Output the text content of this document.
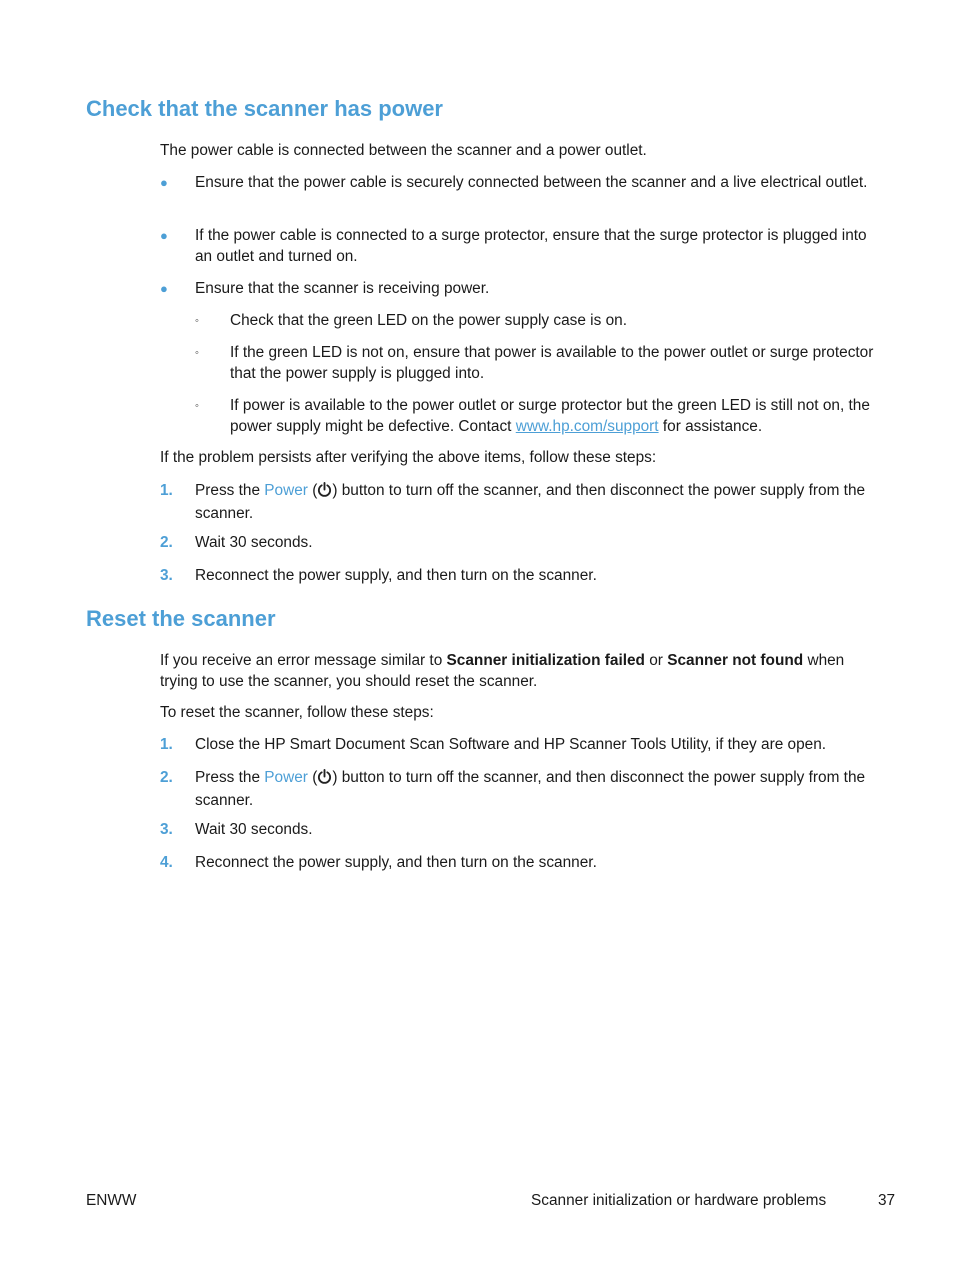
Check that the scanner has power

The power cable is connected between the scanner and a power outlet.

● Ensure that the power cable is securely connected between the scanner and a live electrical outlet.
● If the power cable is connected to a surge protector, ensure that the surge protector is plugged into an outlet and turned on.
● Ensure that the scanner is receiving power.
◦ Check that the green LED on the power supply case is on.
◦ If the green LED is not on, ensure that power is available to the power outlet or surge protector that the power supply is plugged into.
◦ If power is available to the power outlet or surge protector but the green LED is still not on, the power supply might be defective. Contact www.hp.com/support for assistance.

If the problem persists after verifying the above items, follow these steps:

1. Press the Power ( ) button to turn off the scanner, and then disconnect the power supply from the scanner.
2. Wait 30 seconds.
3. Reconnect the power supply, and then turn on the scanner.
Reset the scanner

If you receive an error message similar to Scanner initialization failed or Scanner not found when trying to use the scanner, you should reset the scanner.

To reset the scanner, follow these steps:

1. Close the HP Smart Document Scan Software and HP Scanner Tools Utility, if they are open.
2. Press the Power ( ) button to turn off the scanner, and then disconnect the power supply from the scanner.
3. Wait 30 seconds.
4. Reconnect the power supply, and then turn on the scanner.
ENWW	Scanner initialization or hardware problems	37
